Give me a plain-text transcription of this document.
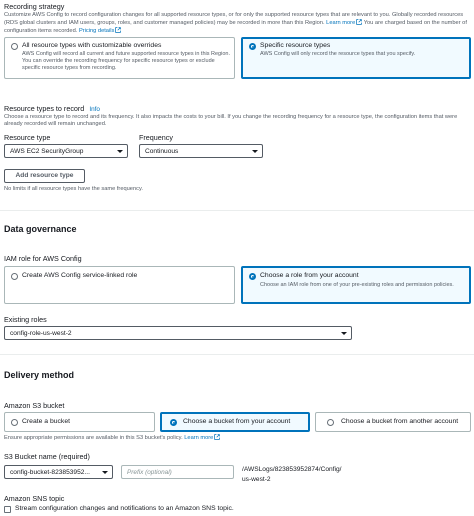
Recording strategy
Customize AWS Config to record configuration changes for all supported resource types, or for only the supported resource types that are relevant to you. Globally recorded resources (RDS global clusters and IAM users, groups, roles, and customer managed policies) may be recorded in more than this Region. Learn more You are charged based on the number of configuration items recorded. Pricing details
All resource types with customizable overrides
AWS Config will record all current and future supported resource types in this Region. You can override the recording frequency for specific resource types or exclude specific resource types from recording.
Specific resource types
AWS Config will only record the resource types that you specify.
Resource types to record Info
Choose a resource type to record and its frequency. It also impacts the costs to your bill. If you change the recording frequency for a resource type, the configuration items that were already recorded will remain unchanged.
Resource type
AWS EC2 SecurityGroup
Frequency
Continuous
Add resource type
No limits if all resource types have the same frequency.
Data governance
IAM role for AWS Config
Create AWS Config service-linked role	Choose a role from your account
Choose an IAM role from one of your pre-existing roles and permission policies.
Existing roles
config-role-us-west-2
Delivery method
Amazon S3 bucket
Create a bucket	Choose a bucket from your account	Choose a bucket from another account
Ensure appropriate permissions are available in this S3 bucket's policy. Learn more
S3 Bucket name (required)
config-bucket-823853952...
Prefix (optional)	/AWSLogs/823853952874/Config/
us-west-2
Amazon SNS topic
Stream configuration changes and notifications to an Amazon SNS topic.
